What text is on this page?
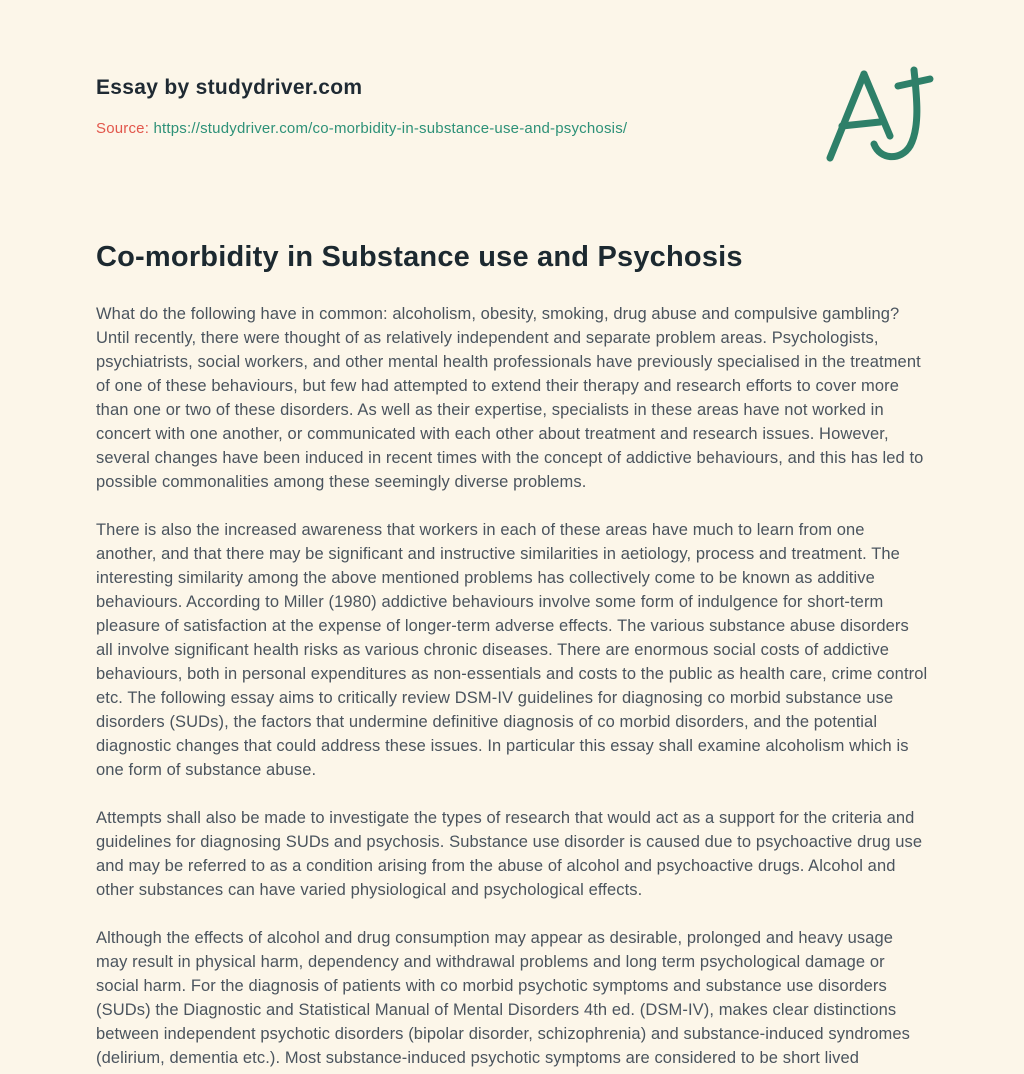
Essay by studydriver.com
Source: https://studydriver.com/co-morbidity-in-substance-use-and-psychosis/
Co-morbidity in Substance use and Psychosis

What do the following have in common: alcoholism, obesity, smoking, drug abuse and compulsive gambling? Until recently, there were thought of as relatively independent and separate problem areas. Psychologists, psychiatrists, social workers, and other mental health professionals have previously specialised in the treatment of one of these behaviours, but few had attempted to extend their therapy and research efforts to cover more than one or two of these disorders. As well as their expertise, specialists in these areas have not worked in concert with one another, or communicated with each other about treatment and research issues. However, several changes have been induced in recent times with the concept of addictive behaviours, and this has led to possible commonalities among these seemingly diverse problems.

There is also the increased awareness that workers in each of these areas have much to learn from one another, and that there may be significant and instructive similarities in aetiology, process and treatment. The interesting similarity among the above mentioned problems has collectively come to be known as additive behaviours. According to Miller (1980) addictive behaviours involve some form of indulgence for short-term pleasure of satisfaction at the expense of longer-term adverse effects. The various substance abuse disorders all involve significant health risks as various chronic diseases. There are enormous social costs of addictive behaviours, both in personal expenditures as non-essentials and costs to the public as health care, crime control etc. The following essay aims to critically review DSM-IV guidelines for diagnosing co morbid substance use disorders (SUDs), the factors that undermine definitive diagnosis of co morbid disorders, and the potential diagnostic changes that could address these issues. In particular this essay shall examine alcoholism which is one form of substance abuse.

Attempts shall also be made to investigate the types of research that would act as a support for the criteria and guidelines for diagnosing SUDs and psychosis. Substance use disorder is caused due to psychoactive drug use and may be referred to as a condition arising from the abuse of alcohol and psychoactive drugs. Alcohol and other substances can have varied physiological and psychological effects.

Although the effects of alcohol and drug consumption may appear as desirable, prolonged and heavy usage may result in physical harm, dependency and withdrawal problems and long term psychological damage or social harm. For the diagnosis of patients with co morbid psychotic symptoms and substance use disorders (SUDs) the Diagnostic and Statistical Manual of Mental Disorders 4th ed. (DSM-IV), makes clear distinctions between independent psychotic disorders (bipolar disorder, schizophrenia) and substance-induced syndromes (delirium, dementia etc.). Most substance-induced psychotic symptoms are considered to be short lived
